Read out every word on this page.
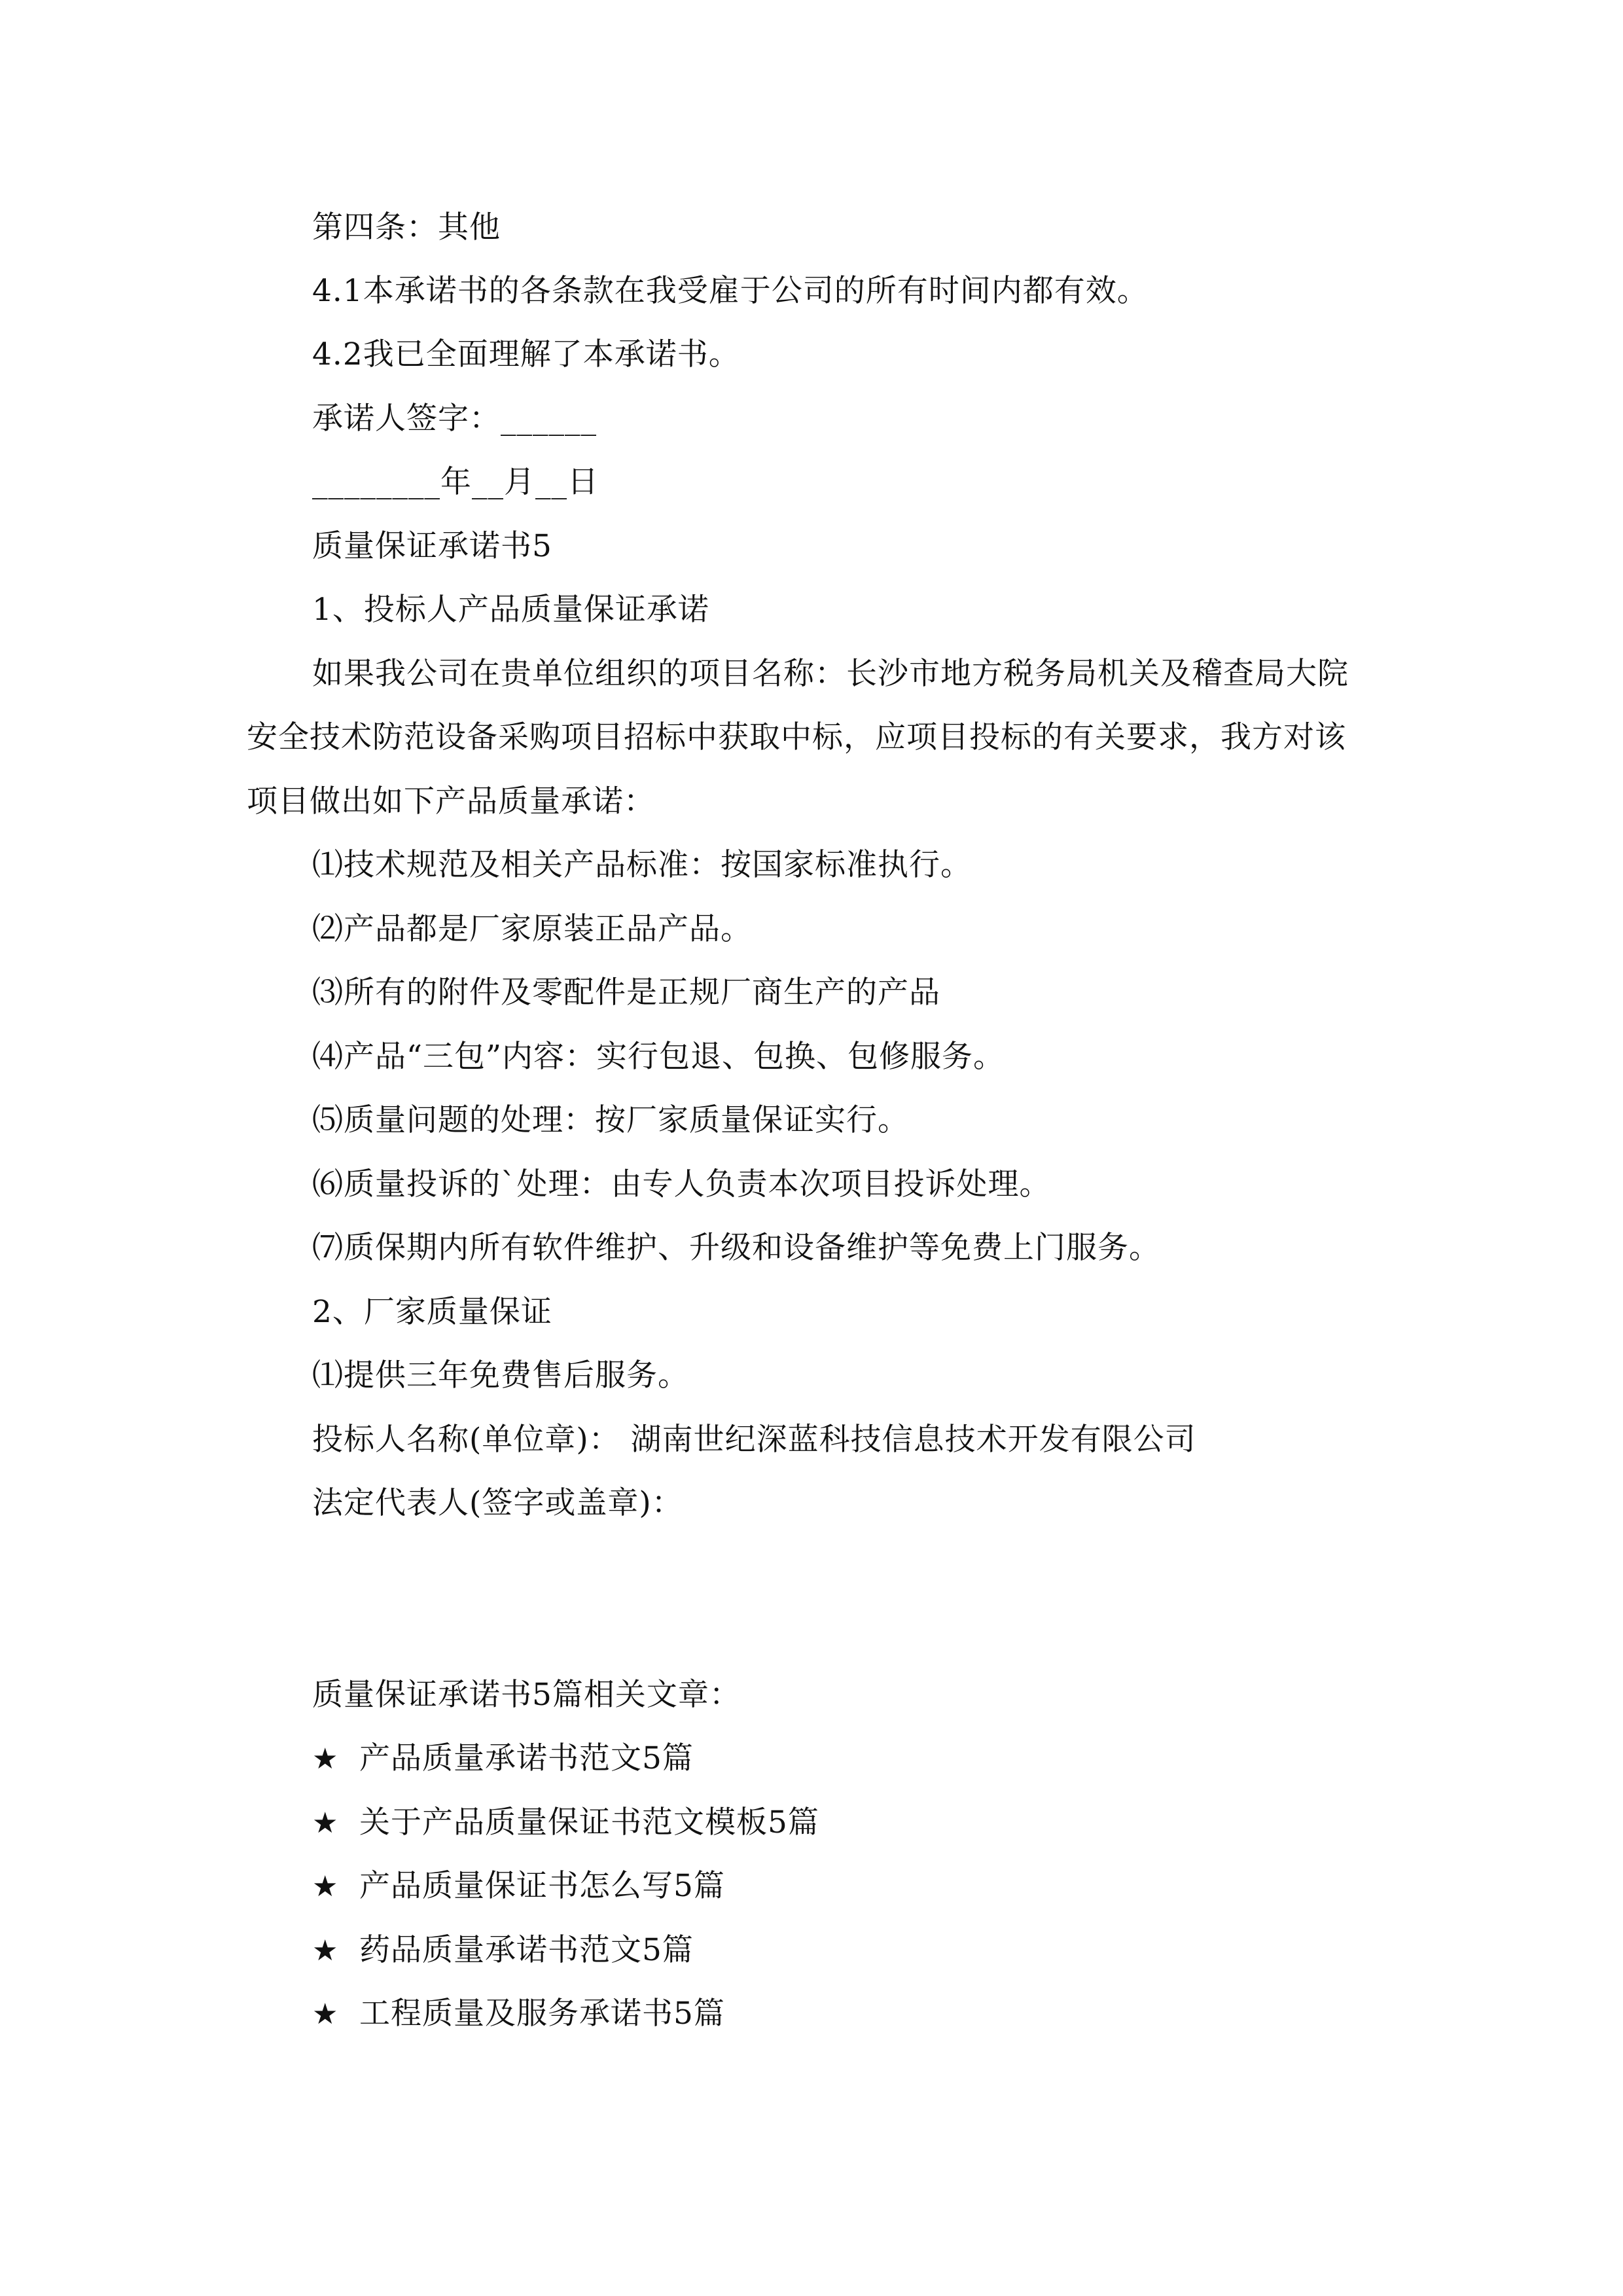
第四条：其他
4.1本承诺书的各条款在我受雇于公司的所有时间内都有效。
4.2我已全面理解了本承诺书。
承诺人签字：______
________年__月__日
质量保证承诺书5
1、投标人产品质量保证承诺
如果我公司在贵单位组织的项目名称：长沙市地方税务局机关及稽查局大院
安全技术防范设备采购项目招标中获取中标，应项目投标的有关要求，我方对该
项目做出如下产品质量承诺：
⑴技术规范及相关产品标准：按国家标准执行。
⑵产品都是厂家原装正品产品。
⑶所有的附件及零配件是正规厂商生产的产品
⑷产品“三包”内容：实行包退、包换、包修服务。
⑸质量问题的处理：按厂家质量保证实行。
⑹质量投诉的`处理：由专人负责本次项目投诉处理。
⑺质保期内所有软件维护、升级和设备维护等免费上门服务。
2、厂家质量保证
⑴提供三年免费售后服务。
投标人名称(单位章)： 湖南世纪深蓝科技信息技术开发有限公司
法定代表人(签字或盖章)：
质量保证承诺书5篇相关文章：
★ 产品质量承诺书范文5篇
★ 关于产品质量保证书范文模板5篇
★ 产品质量保证书怎么写5篇
★ 药品质量承诺书范文5篇
★ 工程质量及服务承诺书5篇
